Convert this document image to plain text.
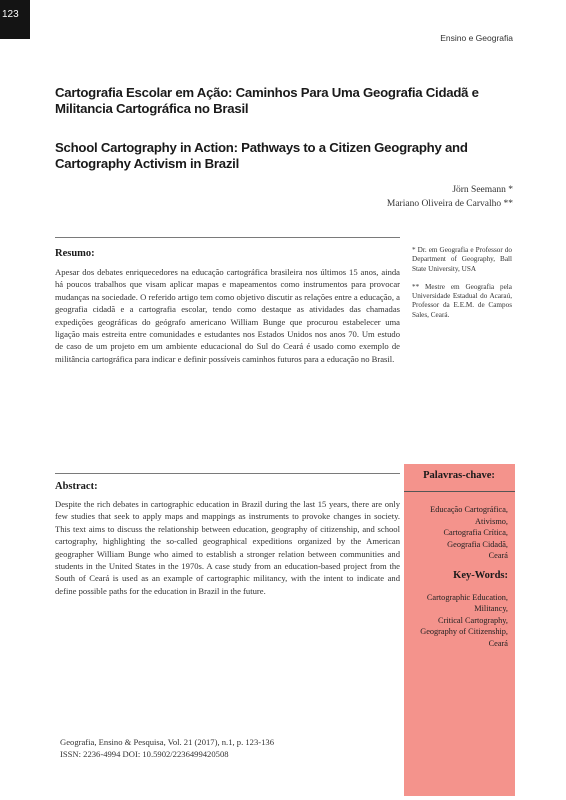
123
Ensino e Geografia
Cartografia Escolar em Ação: Caminhos Para Uma Geografia Cidadã e Militancia Cartográfica no Brasil
School Cartography in Action: Pathways to a Citizen Geography and Cartography Activism in Brazil
Jörn Seemann *
Mariano Oliveira de Carvalho **
Resumo:
Apesar dos debates enriquecedores na educação cartográfica brasileira nos últimos 15 anos, ainda há poucos trabalhos que visam aplicar mapas e mapeamentos como instrumentos para provocar mudanças na sociedade. O referido artigo tem como objetivo discutir as relações entre a educação, a geografia cidadã e a cartografia escolar, tendo como destaque as atividades das chamadas expedições geográficas do geógrafo americano William Bunge que procurou estabelecer uma ligação mais estreita entre comunidades e estudantes nos Estados Unidos nos anos 70. Um estudo de caso de um projeto em um ambiente educacional do Sul do Ceará é usado como exemplo de militância cartográfica para indicar e definir possíveis caminhos futuros para a educação no Brasil.

* Dr. em Geografia e Professor do Department of Geography, Ball State University, USA

** Mestre em Geografia pela Universidade Estadual do Acaraú, Professor da E.E.M. de Campos Sales, Ceará.

Abstract:
Despite the rich debates in cartographic education in Brazil during the last 15 years, there are only few studies that seek to apply maps and mappings as instruments to provoke changes in society. This text aims to discuss the relationship between education, geography of citizenship, and school cartography, highlighting the so-called geographical expeditions organized by the American geographer William Bunge who aimed to establish a stronger relation between communities and students in the United States in the 1970s. A case study from an education-based project from the South of Ceará is used as an example of cartographic militancy, with the intent to indicate and define possible paths for the education in Brazil in the future.
Palavras-chave:
Educação Cartográfica,
Ativismo,
Cartografia Crítica,
Geografia Cidadã,
Ceará
Key-Words:
Cartographic Education,
Militancy,
Critical Cartography,
Geography of Citizenship,
Ceará
Geografia, Ensino & Pesquisa, Vol. 21 (2017), n.1, p. 123-136
ISSN: 2236-4994 DOI: 10.5902/2236499420508
